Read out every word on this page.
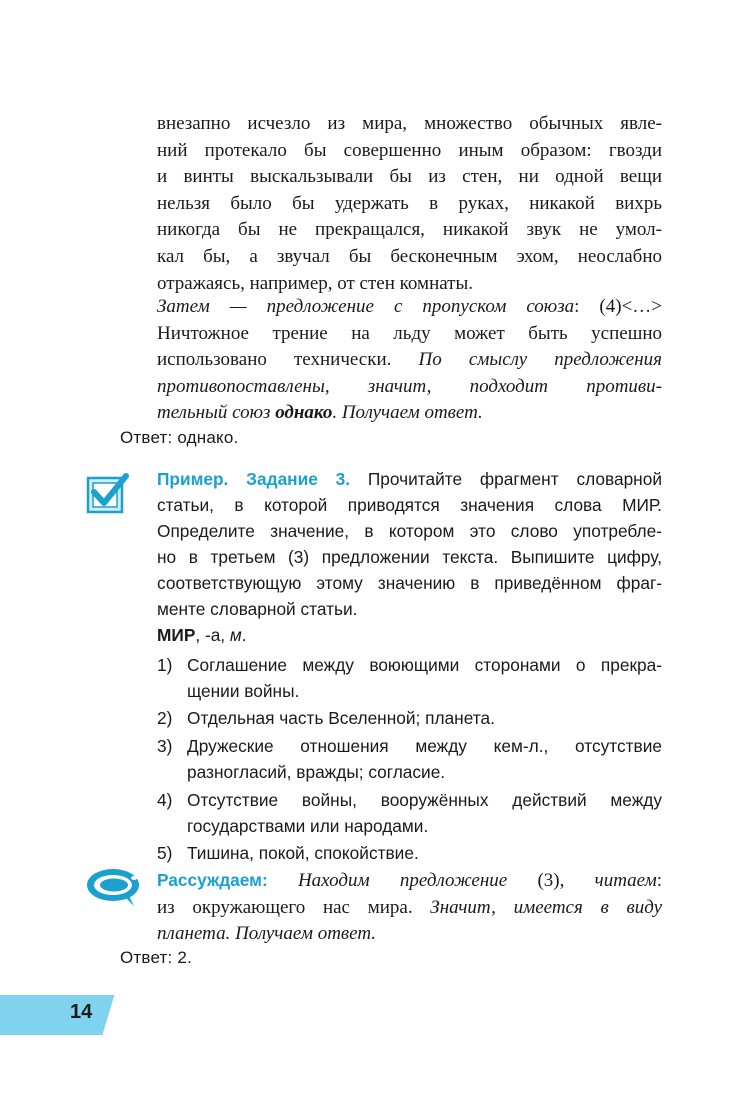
внезапно исчезло из мира, множество обычных явле-
ний протекало бы совершенно иным образом: гвозди
и винты выскальзывали бы из стен, ни одной вещи
нельзя было бы удержать в руках, никакой вихрь
никогда бы не прекращался, никакой звук не умол-
кал бы, а звучал бы бесконечным эхом, неослабно
отражаясь, например, от стен комнаты.
Затем — предложение с пропуском союза: (4)<…>
Ничтожное трение на льду может быть успешно
использовано технически. По смыслу предложения
противопоставлены, значит, подходит противи-
тельный союз однако. Получаем ответ.
Ответ: однако.
Пример. Задание 3. Прочитайте фрагмент словарной
статьи, в которой приводятся значения слова МИР.
Определите значение, в котором это слово употребле-
но в третьем (3) предложении текста. Выпишите цифру,
соответствующую этому значению в приведённом фраг-
менте словарной статьи.
МИР, -а, м.
1) Соглашение между воюющими сторонами о прекра-
щении войны.
2) Отдельная часть Вселенной; планета.
3) Дружеские отношения между кем-л., отсутствие
разногласий, вражды; согласие.
4) Отсутствие войны, вооружённых действий между
государствами или народами.
5) Тишина, покой, спокойствие.
Рассуждаем: Находим предложение (3), читаем:
из окружающего нас мира. Значит, имеется в виду
планета. Получаем ответ.
Ответ: 2.
14
